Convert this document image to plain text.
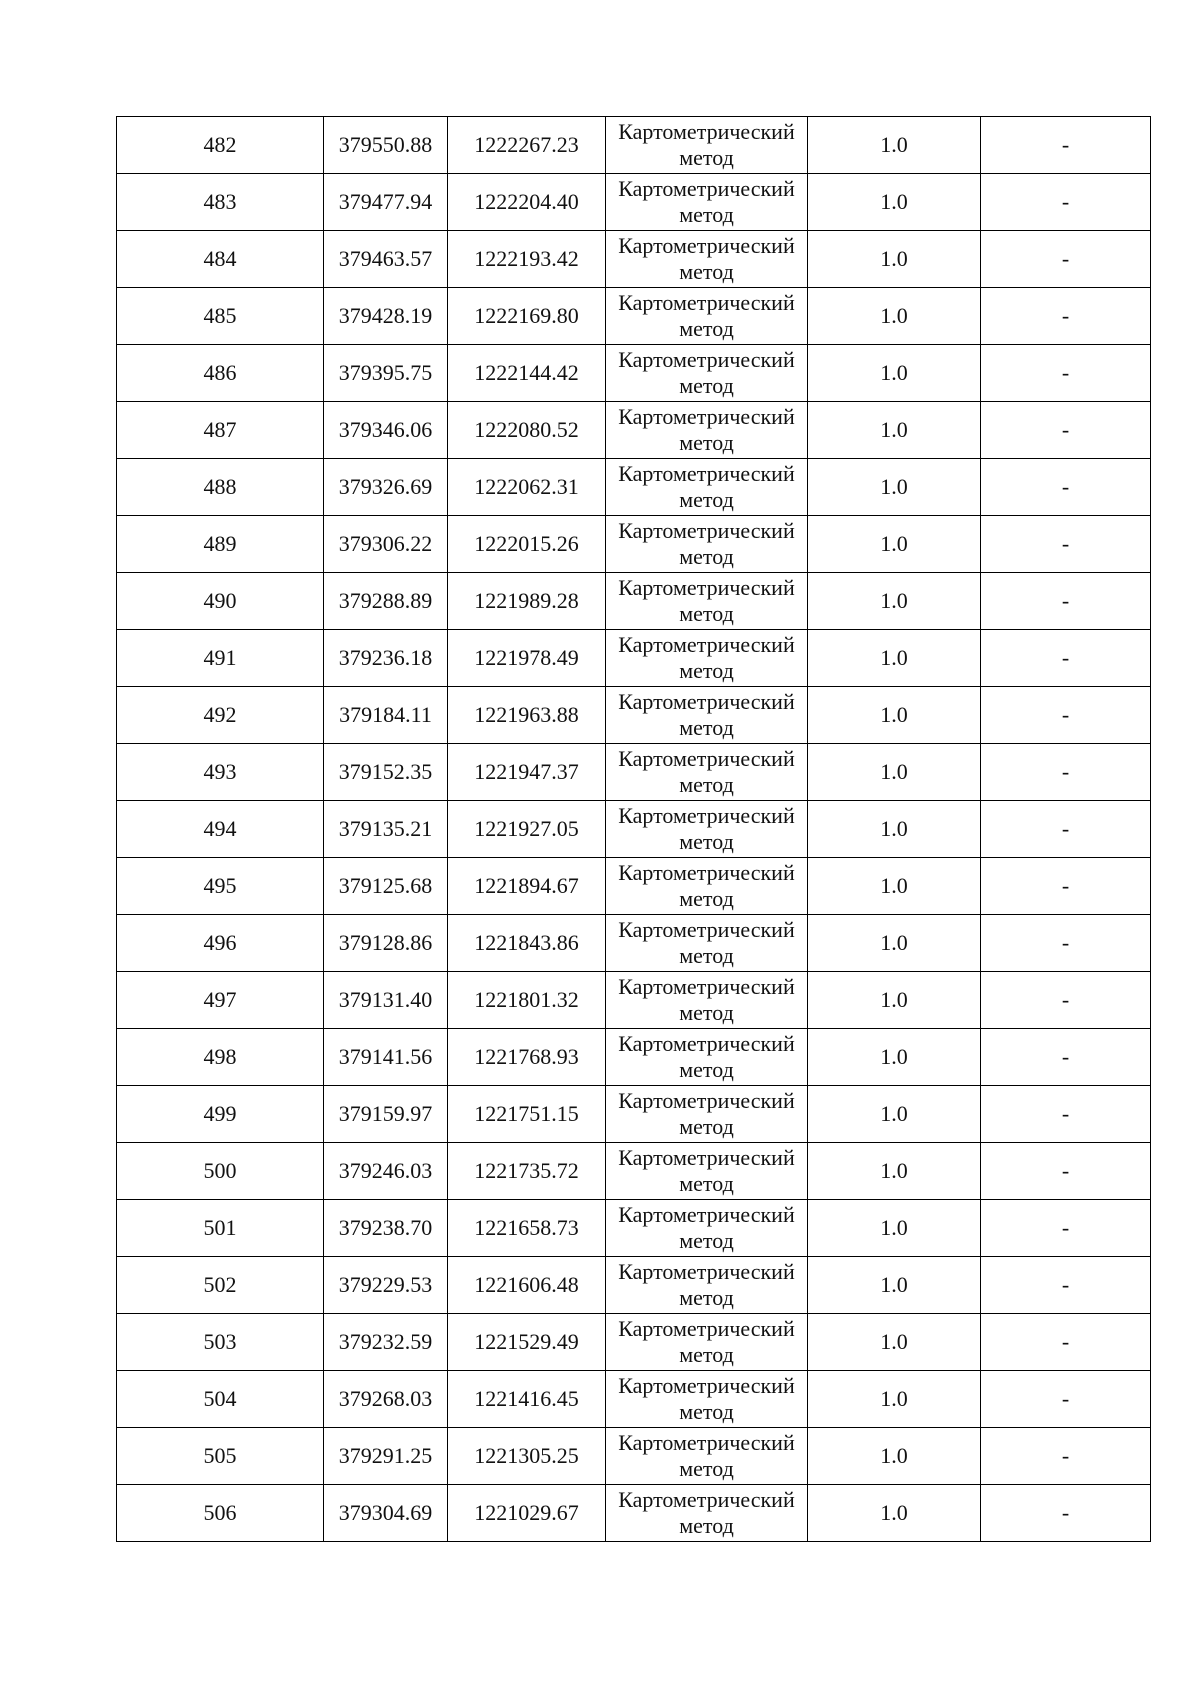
482	379550.88	1222267.23	Картометрический метод	1.0	-
483	379477.94	1222204.40	Картометрический метод	1.0	-
484	379463.57	1222193.42	Картометрический метод	1.0	-
485	379428.19	1222169.80	Картометрический метод	1.0	-
486	379395.75	1222144.42	Картометрический метод	1.0	-
487	379346.06	1222080.52	Картометрический метод	1.0	-
488	379326.69	1222062.31	Картометрический метод	1.0	-
489	379306.22	1222015.26	Картометрический метод	1.0	-
490	379288.89	1221989.28	Картометрический метод	1.0	-
491	379236.18	1221978.49	Картометрический метод	1.0	-
492	379184.11	1221963.88	Картометрический метод	1.0	-
493	379152.35	1221947.37	Картометрический метод	1.0	-
494	379135.21	1221927.05	Картометрический метод	1.0	-
495	379125.68	1221894.67	Картометрический метод	1.0	-
496	379128.86	1221843.86	Картометрический метод	1.0	-
497	379131.40	1221801.32	Картометрический метод	1.0	-
498	379141.56	1221768.93	Картометрический метод	1.0	-
499	379159.97	1221751.15	Картометрический метод	1.0	-
500	379246.03	1221735.72	Картометрический метод	1.0	-
501	379238.70	1221658.73	Картометрический метод	1.0	-
502	379229.53	1221606.48	Картометрический метод	1.0	-
503	379232.59	1221529.49	Картометрический метод	1.0	-
504	379268.03	1221416.45	Картометрический метод	1.0	-
505	379291.25	1221305.25	Картометрический метод	1.0	-
506	379304.69	1221029.67	Картометрический метод	1.0	-
